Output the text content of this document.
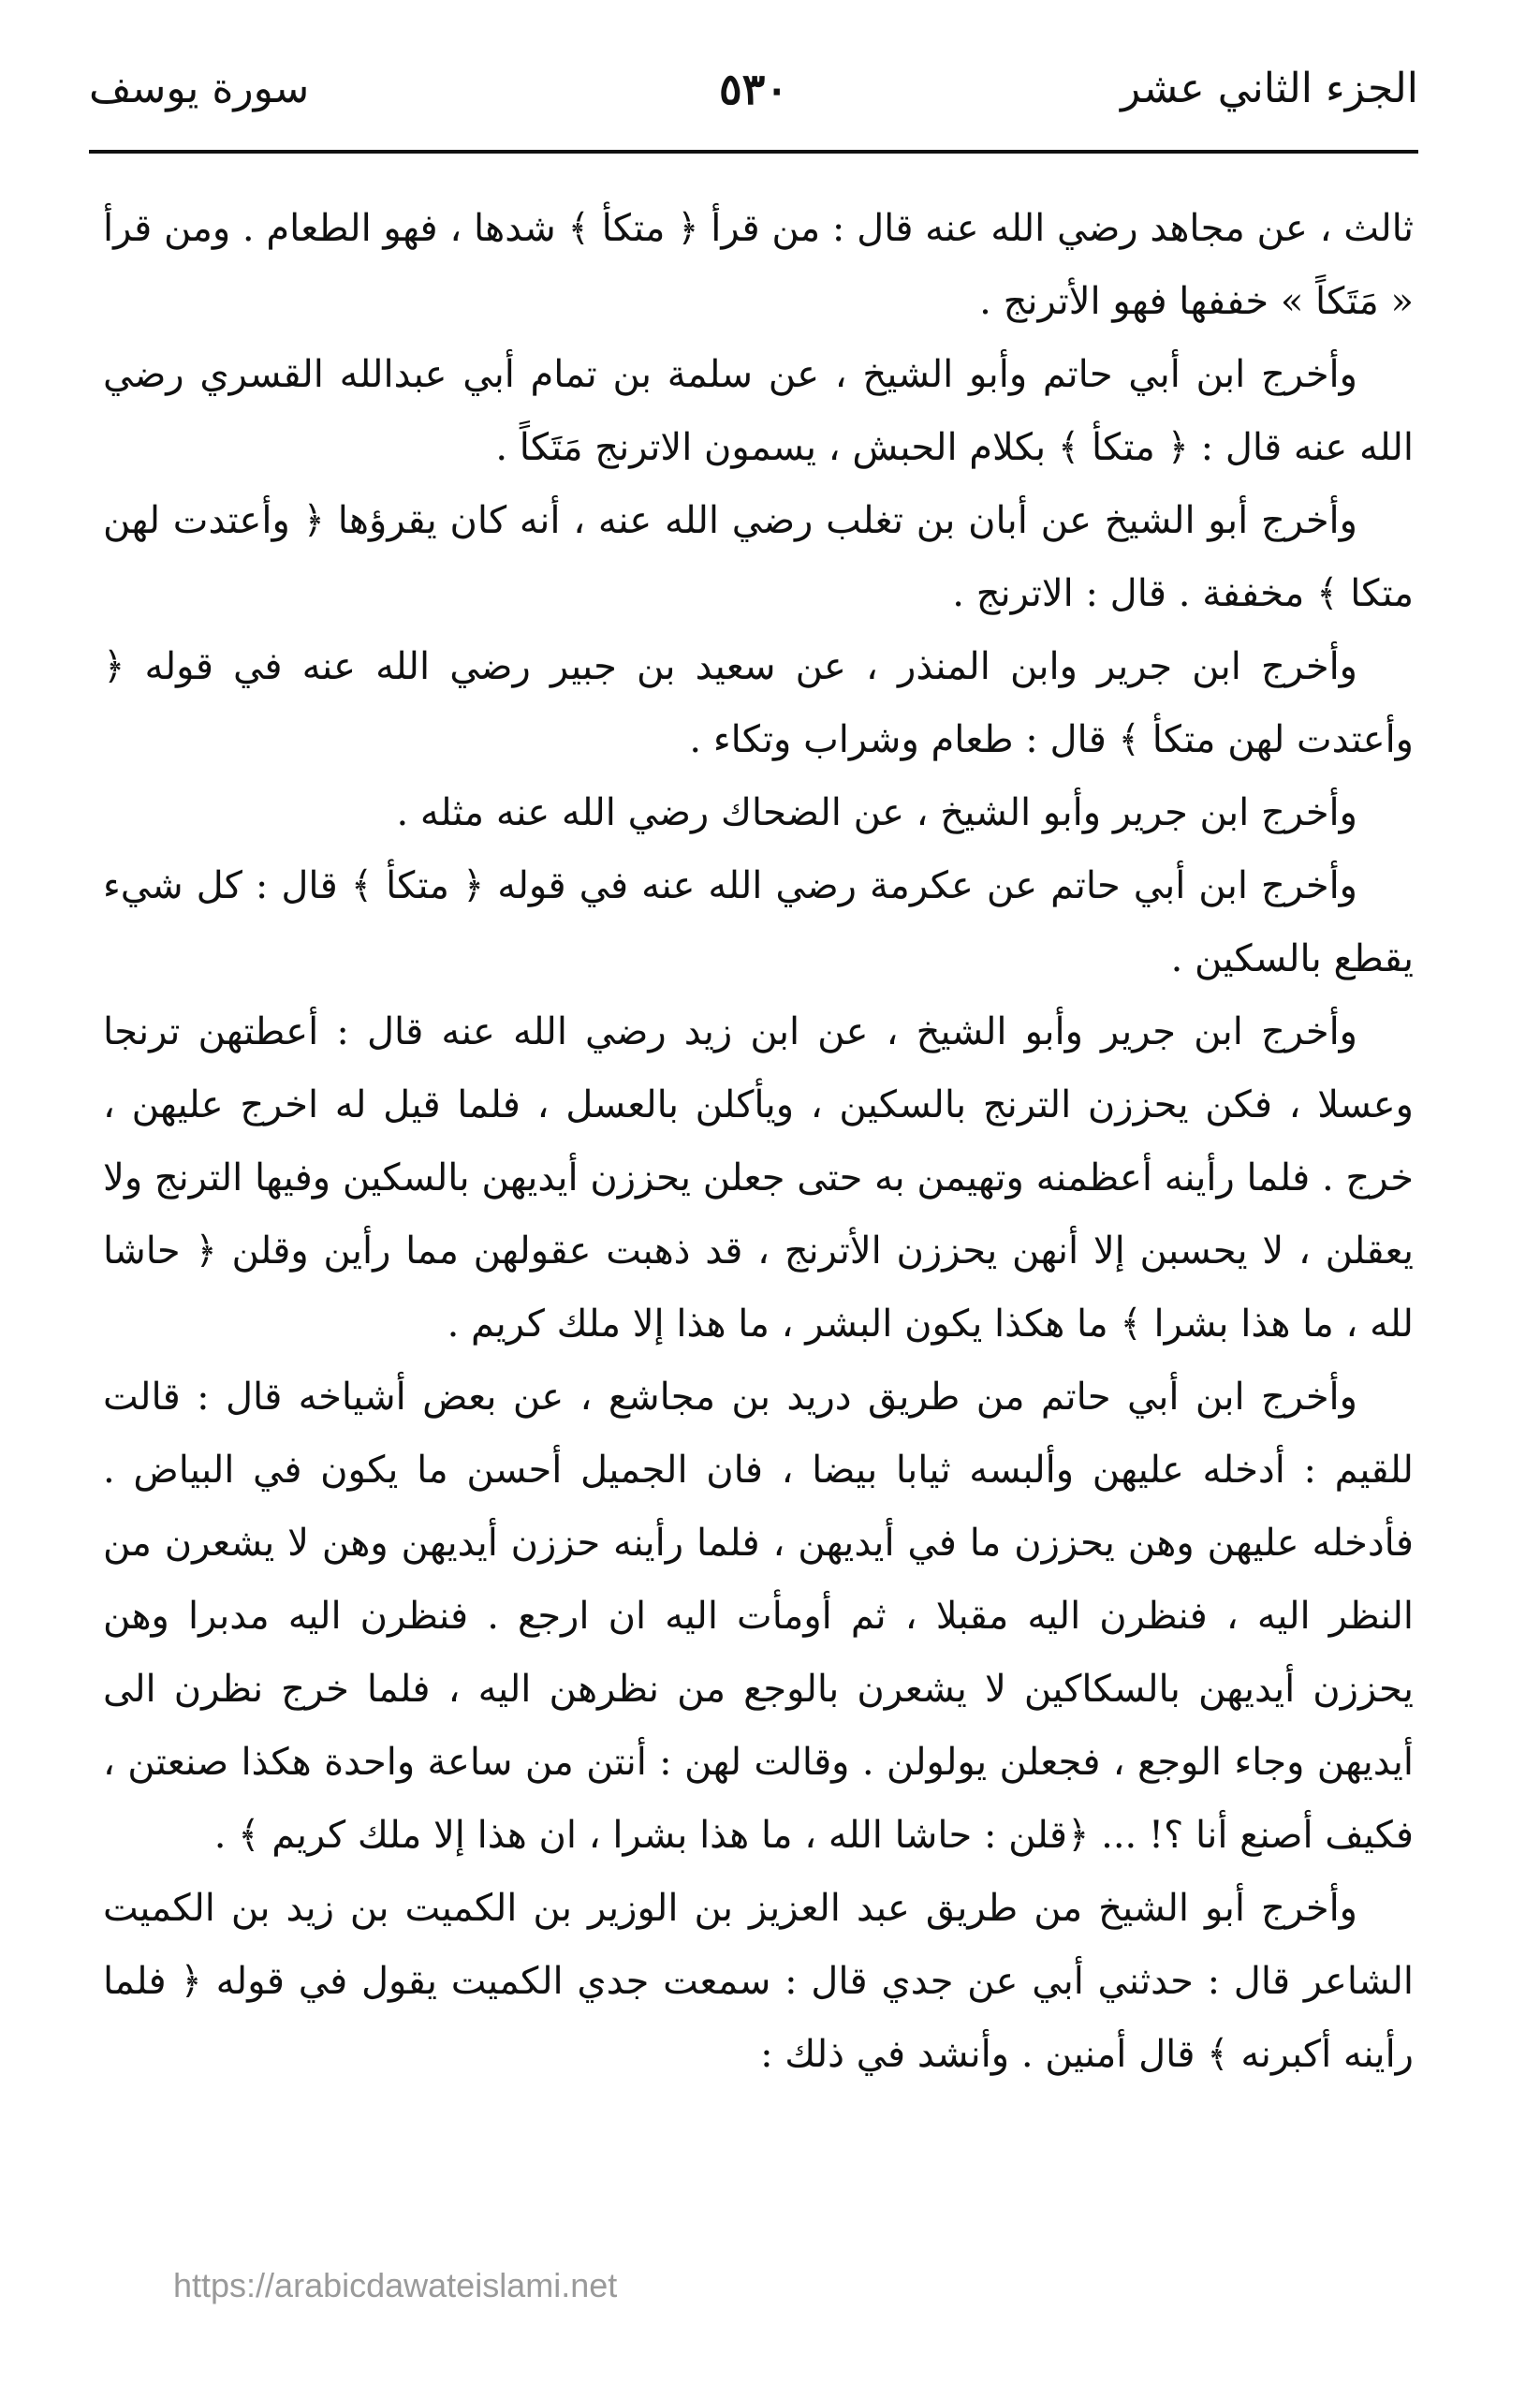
الجزء الثاني عشر
٥٣٠
سورة يوسف

ثالث ، عن مجاهد رضي الله عنه قال : من قرأ ﴿ متكأ ﴾ شدها ، فهو الطعام . ومن قرأ « مَتَكاً » خففها فهو الأترنج .

وأخرج ابن أبي حاتم وأبو الشيخ ، عن سلمة بن تمام أبي عبدالله القسري رضي الله عنه قال : ﴿ متكأ ﴾ بكلام الحبش ، يسمون الاترنج مَتَكاً .

وأخرج أبو الشيخ عن أبان بن تغلب رضي الله عنه ، أنه كان يقرؤها ﴿ وأعتدت لهن متكا ﴾ مخففة . قال : الاترنج .

وأخرج ابن جرير وابن المنذر ، عن سعيد بن جبير رضي الله عنه في قوله ﴿ وأعتدت لهن متكأ ﴾ قال : طعام وشراب وتكاء .

وأخرج ابن جرير وأبو الشيخ ، عن الضحاك رضي الله عنه مثله .

وأخرج ابن أبي حاتم عن عكرمة رضي الله عنه في قوله ﴿ متكأ ﴾ قال : كل شيء يقطع بالسكين .

وأخرج ابن جرير وأبو الشيخ ، عن ابن زيد رضي الله عنه قال : أعطتهن ترنجا وعسلا ، فكن يحززن الترنج بالسكين ، ويأكلن بالعسل ، فلما قيل له اخرج عليهن ، خرج . فلما رأينه أعظمنه وتهيمن به حتى جعلن يحززن أيديهن بالسكين وفيها الترنج ولا يعقلن ، لا يحسبن إلا أنهن يحززن الأترنج ، قد ذهبت عقولهن مما رأين وقلن ﴿ حاشا لله ، ما هذا بشرا ﴾ ما هكذا يكون البشر ، ما هذا إلا ملك كريم .

وأخرج ابن أبي حاتم من طريق دريد بن مجاشع ، عن بعض أشياخه قال : قالت للقيم : أدخله عليهن وألبسه ثيابا بيضا ، فان الجميل أحسن ما يكون في البياض . فأدخله عليهن وهن يحززن ما في أيديهن ، فلما رأينه حززن أيديهن وهن لا يشعرن من النظر اليه ، فنظرن اليه مقبلا ، ثم أومأت اليه ان ارجع . فنظرن اليه مدبرا وهن يحززن أيديهن بالسكاكين لا يشعرن بالوجع من نظرهن اليه ، فلما خرج نظرن الى أيديهن وجاء الوجع ، فجعلن يولولن . وقالت لهن : أنتن من ساعة واحدة هكذا صنعتن ، فكيف أصنع أنا ؟! ... ﴿قلن : حاشا الله ، ما هذا بشرا ، ان هذا إلا ملك كريم ﴾ .

وأخرج أبو الشيخ من طريق عبد العزيز بن الوزير بن الكميت بن زيد بن الكميت الشاعر قال : حدثني أبي عن جدي قال : سمعت جدي الكميت يقول في قوله ﴿ فلما رأينه أكبرنه ﴾ قال أمنين . وأنشد في ذلك :

https://arabicdawateislami.net
